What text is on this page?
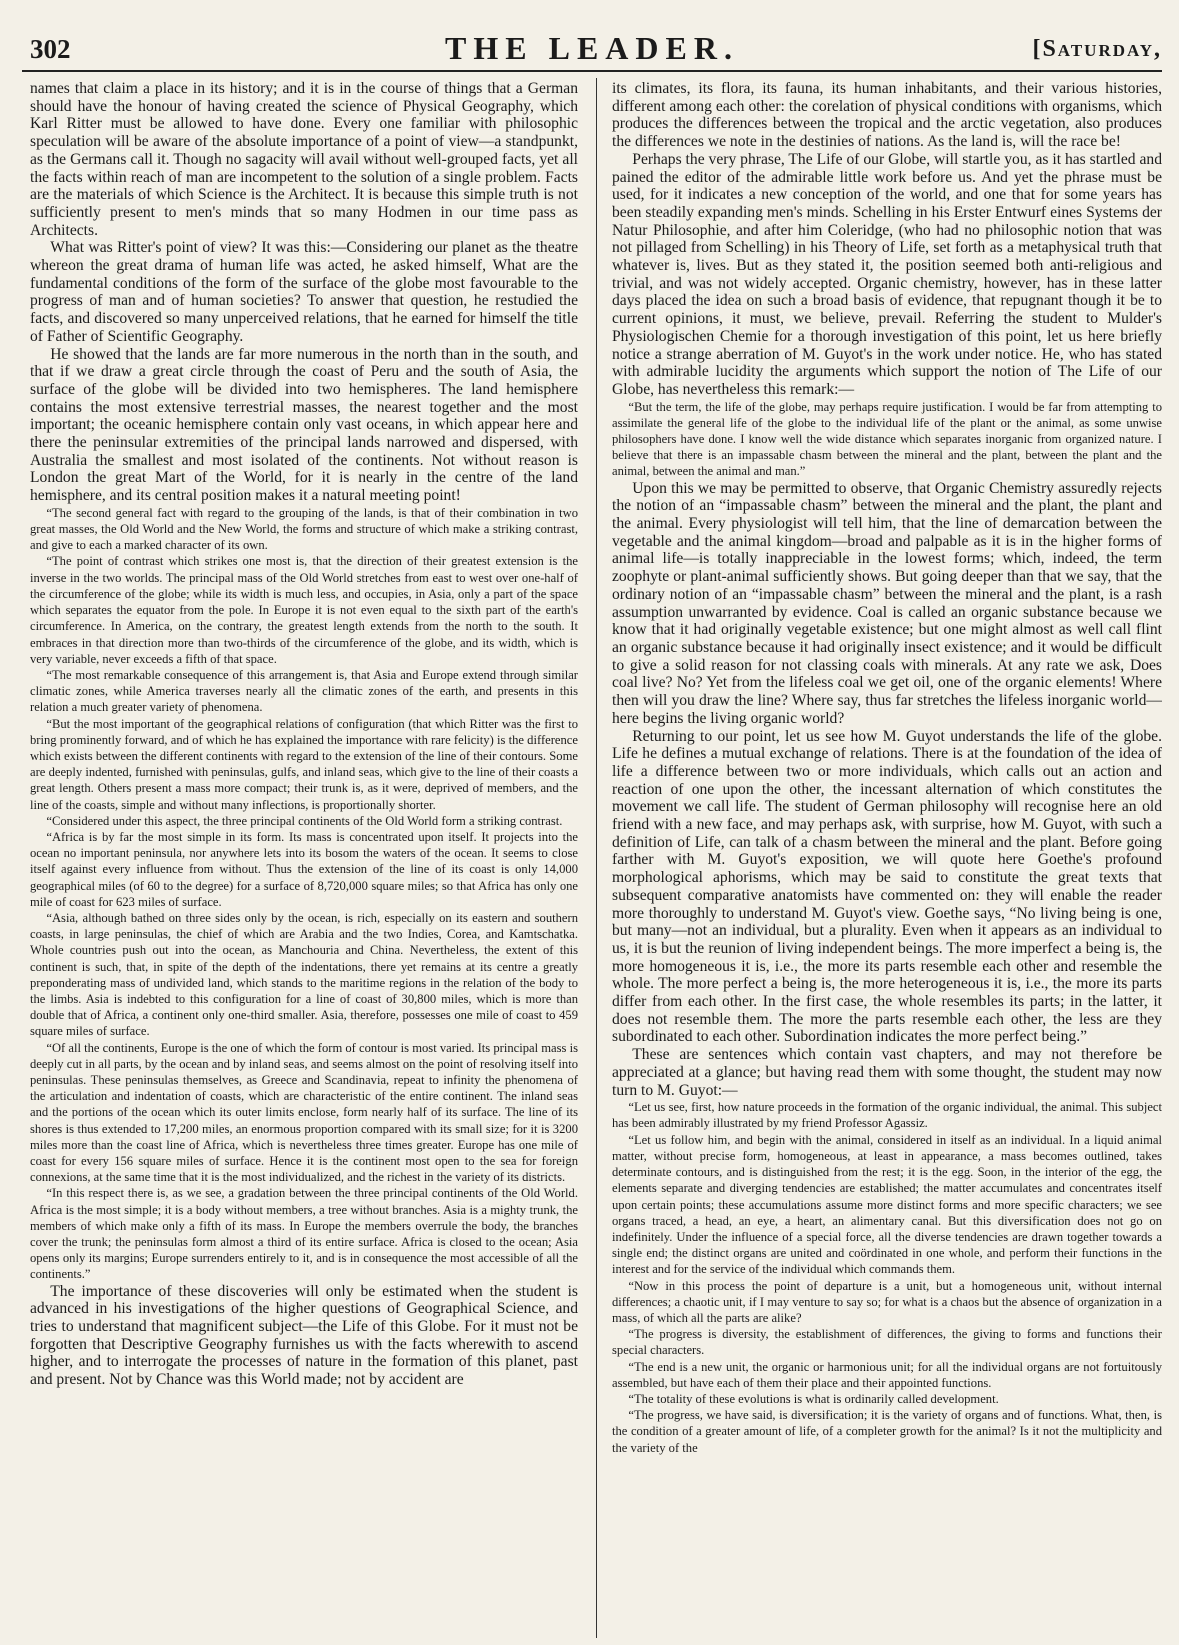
302	THE LEADER.	[Saturday,

names that claim a place in its history; and it is in the course of things that a German should have the honour of having created the science of Physical Geography, which Karl Ritter must be allowed to have done. Every one familiar with philosophic speculation will be aware of the absolute importance of a point of view—a standpunkt, as the Germans call it. Though no sagacity will avail without well-grouped facts, yet all the facts within reach of man are incompetent to the solution of a single problem. Facts are the materials of which Science is the Architect. It is because this simple truth is not sufficiently present to men's minds that so many Hodmen in our time pass as Architects.

What was Ritter's point of view? It was this:—Considering our planet as the theatre whereon the great drama of human life was acted, he asked himself, What are the fundamental conditions of the form of the surface of the globe most favourable to the progress of man and of human societies? To answer that question, he restudied the facts, and discovered so many unperceived relations, that he earned for himself the title of Father of Scientific Geography.

He showed that the lands are far more numerous in the north than in the south, and that if we draw a great circle through the coast of Peru and the south of Asia, the surface of the globe will be divided into two hemispheres. The land hemisphere contains the most extensive terrestrial masses, the nearest together and the most important; the oceanic hemisphere contain only vast oceans, in which appear here and there the peninsular extremities of the principal lands narrowed and dispersed, with Australia the smallest and most isolated of the continents. Not without reason is London the great Mart of the World, for it is nearly in the centre of the land hemisphere, and its central position makes it a natural meeting point!

“The second general fact with regard to the grouping of the lands, is that of their combination in two great masses, the Old World and the New World, the forms and structure of which make a striking contrast, and give to each a marked character of its own.

“The point of contrast which strikes one most is, that the direction of their greatest extension is the inverse in the two worlds. The principal mass of the Old World stretches from east to west over one-half of the circumference of the globe; while its width is much less, and occupies, in Asia, only a part of the space which separates the equator from the pole. In Europe it is not even equal to the sixth part of the earth's circumference. In America, on the contrary, the greatest length extends from the north to the south. It embraces in that direction more than two-thirds of the circumference of the globe, and its width, which is very variable, never exceeds a fifth of that space.

“The most remarkable consequence of this arrangement is, that Asia and Europe extend through similar climatic zones, while America traverses nearly all the climatic zones of the earth, and presents in this relation a much greater variety of phenomena.

“But the most important of the geographical relations of configuration (that which Ritter was the first to bring prominently forward, and of which he has explained the importance with rare felicity) is the difference which exists between the different continents with regard to the extension of the line of their contours. Some are deeply indented, furnished with peninsulas, gulfs, and inland seas, which give to the line of their coasts a great length. Others present a mass more compact; their trunk is, as it were, deprived of members, and the line of the coasts, simple and without many inflections, is proportionally shorter.

“Considered under this aspect, the three principal continents of the Old World form a striking contrast.

“Africa is by far the most simple in its form. Its mass is concentrated upon itself. It projects into the ocean no important peninsula, nor anywhere lets into its bosom the waters of the ocean. It seems to close itself against every influence from without. Thus the extension of the line of its coast is only 14,000 geographical miles (of 60 to the degree) for a surface of 8,720,000 square miles; so that Africa has only one mile of coast for 623 miles of surface.

“Asia, although bathed on three sides only by the ocean, is rich, especially on its eastern and southern coasts, in large peninsulas, the chief of which are Arabia and the two Indies, Corea, and Kamtschatka. Whole countries push out into the ocean, as Manchouria and China. Nevertheless, the extent of this continent is such, that, in spite of the depth of the indentations, there yet remains at its centre a greatly preponderating mass of undivided land, which stands to the maritime regions in the relation of the body to the limbs. Asia is indebted to this configuration for a line of coast of 30,800 miles, which is more than double that of Africa, a continent only one-third smaller. Asia, therefore, possesses one mile of coast to 459 square miles of surface.

“Of all the continents, Europe is the one of which the form of contour is most varied. Its principal mass is deeply cut in all parts, by the ocean and by inland seas, and seems almost on the point of resolving itself into peninsulas. These peninsulas themselves, as Greece and Scandinavia, repeat to infinity the phenomena of the articulation and indentation of coasts, which are characteristic of the entire continent. The inland seas and the portions of the ocean which its outer limits enclose, form nearly half of its surface. The line of its shores is thus extended to 17,200 miles, an enormous proportion compared with its small size; for it is 3200 miles more than the coast line of Africa, which is nevertheless three times greater. Europe has one mile of coast for every 156 square miles of surface. Hence it is the continent most open to the sea for foreign connexions, at the same time that it is the most individualized, and the richest in the variety of its districts.

“In this respect there is, as we see, a gradation between the three principal continents of the Old World. Africa is the most simple; it is a body without members, a tree without branches. Asia is a mighty trunk, the members of which make only a fifth of its mass. In Europe the members overrule the body, the branches cover the trunk; the peninsulas form almost a third of its entire surface. Africa is closed to the ocean; Asia opens only its margins; Europe surrenders entirely to it, and is in consequence the most accessible of all the continents.”

The importance of these discoveries will only be estimated when the student is advanced in his investigations of the higher questions of Geographical Science, and tries to understand that magnificent subject—the Life of this Globe. For it must not be forgotten that Descriptive Geography furnishes us with the facts wherewith to ascend higher, and to interrogate the processes of nature in the formation of this planet, past and present. Not by Chance was this World made; not by accident are

its climates, its flora, its fauna, its human inhabitants, and their various histories, different among each other: the corelation of physical conditions with organisms, which produces the differences between the tropical and the arctic vegetation, also produces the differences we note in the destinies of nations. As the land is, will the race be!

Perhaps the very phrase, The Life of our Globe, will startle you, as it has startled and pained the editor of the admirable little work before us. And yet the phrase must be used, for it indicates a new conception of the world, and one that for some years has been steadily expanding men's minds. Schelling in his Erster Entwurf eines Systems der Natur Philosophie, and after him Coleridge, (who had no philosophic notion that was not pillaged from Schelling) in his Theory of Life, set forth as a metaphysical truth that whatever is, lives. But as they stated it, the position seemed both anti-religious and trivial, and was not widely accepted. Organic chemistry, however, has in these latter days placed the idea on such a broad basis of evidence, that repugnant though it be to current opinions, it must, we believe, prevail. Referring the student to Mulder's Physiologischen Chemie for a thorough investigation of this point, let us here briefly notice a strange aberration of M. Guyot's in the work under notice. He, who has stated with admirable lucidity the arguments which support the notion of The Life of our Globe, has nevertheless this remark:—

“But the term, the life of the globe, may perhaps require justification. I would be far from attempting to assimilate the general life of the globe to the individual life of the plant or the animal, as some unwise philosophers have done. I know well the wide distance which separates inorganic from organized nature. I believe that there is an impassable chasm between the mineral and the plant, between the plant and the animal, between the animal and man.”

Upon this we may be permitted to observe, that Organic Chemistry assuredly rejects the notion of an “impassable chasm” between the mineral and the plant, the plant and the animal. Every physiologist will tell him, that the line of demarcation between the vegetable and the animal kingdom—broad and palpable as it is in the higher forms of animal life—is totally inappreciable in the lowest forms; which, indeed, the term zoophyte or plant-animal sufficiently shows. But going deeper than that we say, that the ordinary notion of an “impassable chasm” between the mineral and the plant, is a rash assumption unwarranted by evidence. Coal is called an organic substance because we know that it had originally vegetable existence; but one might almost as well call flint an organic substance because it had originally insect existence; and it would be difficult to give a solid reason for not classing coals with minerals. At any rate we ask, Does coal live? No? Yet from the lifeless coal we get oil, one of the organic elements! Where then will you draw the line? Where say, thus far stretches the lifeless inorganic world—here begins the living organic world?

Returning to our point, let us see how M. Guyot understands the life of the globe. Life he defines a mutual exchange of relations. There is at the foundation of the idea of life a difference between two or more individuals, which calls out an action and reaction of one upon the other, the incessant alternation of which constitutes the movement we call life. The student of German philosophy will recognise here an old friend with a new face, and may perhaps ask, with surprise, how M. Guyot, with such a definition of Life, can talk of a chasm between the mineral and the plant. Before going farther with M. Guyot's exposition, we will quote here Goethe's profound morphological aphorisms, which may be said to constitute the great texts that subsequent comparative anatomists have commented on: they will enable the reader more thoroughly to understand M. Guyot's view. Goethe says, “No living being is one, but many—not an individual, but a plurality. Even when it appears as an individual to us, it is but the reunion of living independent beings. The more imperfect a being is, the more homogeneous it is, i.e., the more its parts resemble each other and resemble the whole. The more perfect a being is, the more heterogeneous it is, i.e., the more its parts differ from each other. In the first case, the whole resembles its parts; in the latter, it does not resemble them. The more the parts resemble each other, the less are they subordinated to each other. Subordination indicates the more perfect being.”

These are sentences which contain vast chapters, and may not therefore be appreciated at a glance; but having read them with some thought, the student may now turn to M. Guyot:—

“Let us see, first, how nature proceeds in the formation of the organic individual, the animal. This subject has been admirably illustrated by my friend Professor Agassiz.

“Let us follow him, and begin with the animal, considered in itself as an individual. In a liquid animal matter, without precise form, homogeneous, at least in appearance, a mass becomes outlined, takes determinate contours, and is distinguished from the rest; it is the egg. Soon, in the interior of the egg, the elements separate and diverging tendencies are established; the matter accumulates and concentrates itself upon certain points; these accumulations assume more distinct forms and more specific characters; we see organs traced, a head, an eye, a heart, an alimentary canal. But this diversification does not go on indefinitely. Under the influence of a special force, all the diverse tendencies are drawn together towards a single end; the distinct organs are united and coördinated in one whole, and perform their functions in the interest and for the service of the individual which commands them.

“Now in this process the point of departure is a unit, but a homogeneous unit, without internal differences; a chaotic unit, if I may venture to say so; for what is a chaos but the absence of organization in a mass, of which all the parts are alike?

“The progress is diversity, the establishment of differences, the giving to forms and functions their special characters.

“The end is a new unit, the organic or harmonious unit; for all the individual organs are not fortuitously assembled, but have each of them their place and their appointed functions.

“The totality of these evolutions is what is ordinarily called development.

“The progress, we have said, is diversification; it is the variety of organs and of functions. What, then, is the condition of a greater amount of life, of a completer growth for the animal? Is it not the multiplicity and the variety of the
